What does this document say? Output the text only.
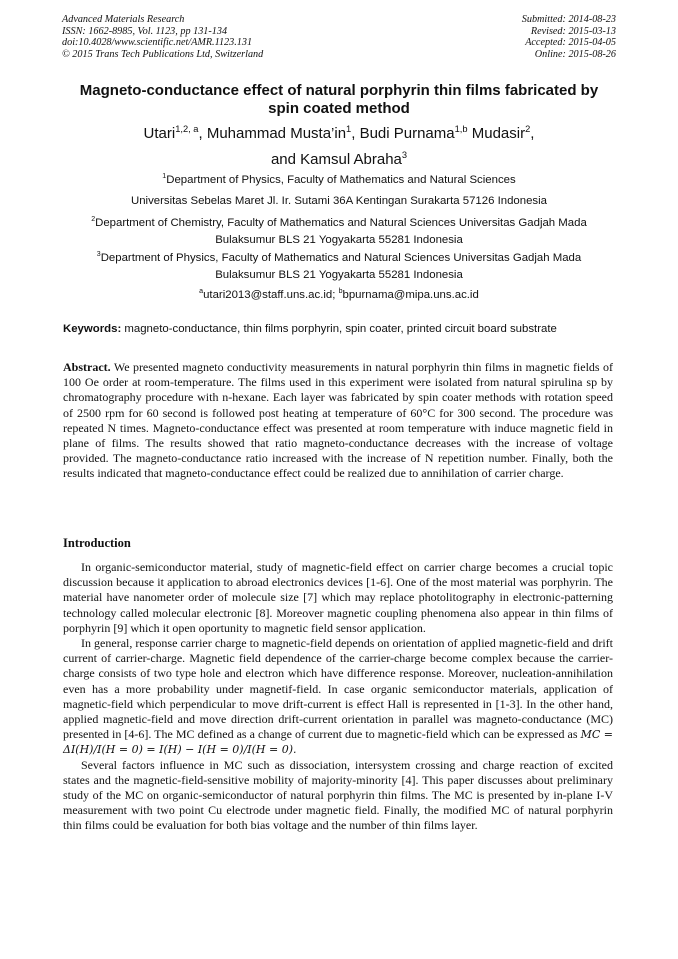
Advanced Materials Research
ISSN: 1662-8985, Vol. 1123, pp 131-134
doi:10.4028/www.scientific.net/AMR.1123.131
© 2015 Trans Tech Publications Ltd, Switzerland
Submitted: 2014-08-23
Revised: 2015-03-13
Accepted: 2015-04-05
Online: 2015-08-26
Magneto-conductance effect of natural porphyrin thin films fabricated by
spin coated method
Utari$^{1,2, a}$, Muhammad $Musta’in^1$, Budi Purnama$^{1,b}$ Mudasir$^2$,
and Kamsul Abraha$^3$
$^1$Department of Physics, Faculty of Mathematics and Natural Sciences
Universitas Sebelas Maret Jl. Ir. Sutami 36A Kentingan Surakarta 57126 Indonesia
$^2$Department of Chemistry, Faculty of Mathematics and Natural Sciences Universitas Gadjah Mada
Bulaksumur BLS 21 Yogyakarta 55281 Indonesia
$^3$Department of Physics, Faculty of Mathematics and Natural Sciences Universitas Gadjah Mada
Bulaksumur BLS 21 Yogyakarta 55281 Indonesia
$^a$utari2013@staff.uns.ac.id; $^b$bpurnama@mipa.uns.ac.id
Keywords: magneto-conductance, thin films porphyrin, spin coater, printed circuit board substrate
Abstract. We presented magneto conductivity measurements in natural porphyrin thin films in magnetic fields of 100 Oe order at room-temperature. The films used in this experiment were isolated from natural spirulina sp by chromatography procedure with n-hexane. Each layer was fabricated by spin coater methods with rotation speed of 2500 rpm for 60 second is followed post heating at temperature of 60°C for 300 second. The procedure was repeated N times. Magneto-conductance effect was presented at room temperature with induce magnetic field in plane of films. The results showed that ratio magneto-conductance decreases with the increase of voltage provided. The magneto-conductance ratio increased with the increase of N repetition number. Finally, both the results indicated that magneto-conductance effect could be realized due to annihilation of carrier charge.
Introduction

In organic-semiconductor material, study of magnetic-field effect on carrier charge becomes a crucial topic discussion because it application to abroad electronics devices [1-6]. One of the most material was porphyrin. The material have nanometer order of molecule size [7] which may replace photolitography in electronic-patterning technology called molecular electronic [8]. Moreover magnetic coupling phenomena also appear in thin films of porphyrin [9] which it open oportunity to magnetic field sensor application.

In general, response carrier charge to magnetic-field depends on orientation of applied magnetic-field and drift current of carrier-charge. Magnetic field dependence of the carrier-charge become complex because the carrier-charge consists of two type hole and electron which have difference response. Moreover, nucleation-annihilation even has a more probability under magnetif-field. In case organic semiconductor materials, application of magnetic-field which perpendicular to move drift-current is effect Hall is represented in [1-3]. In the other hand, applied magnetic-field and move direction drift-current orientation in parallel was magneto-conductance (MC) presented in [4-6]. The MC defined as a change of current due to magnetic-field which can be expressed as MC = ΔI(H)/I(H = 0) = I(H) − I(H = 0)/I(H = 0).

Several factors influence in MC such as dissociation, intersystem crossing and charge reaction of excited states and the magnetic-field-sensitive mobility of majority-minority [4]. This paper discusses about preliminary study of the MC on organic-semiconductor of natural porphyrin thin films. The MC is presented by in-plane I-V measurement with two point Cu electrode under magnetic field. Finally, the modified MC of natural porphyrin thin films could be evaluation for both bias voltage and the number of thin films layer.
